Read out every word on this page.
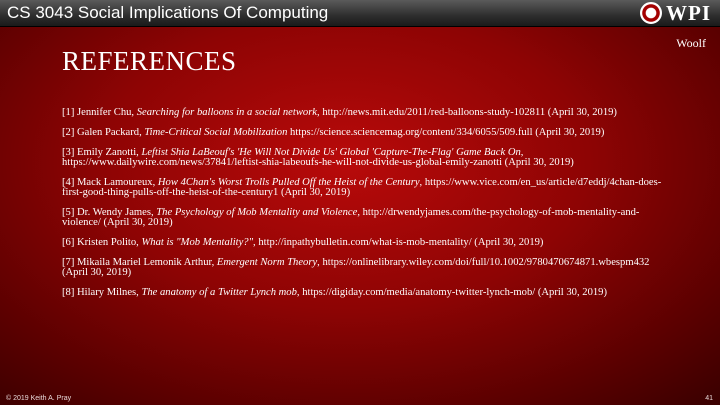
CS 3043 Social Implications Of Computing	WPI
Woolf
REFERENCES
[1] Jennifer Chu, Searching for balloons in a social network, http://news.mit.edu/2011/red-balloons-study-102811 (April 30, 2019)
[2] Galen Packard, Time-Critical Social Mobilization https://science.sciencemag.org/content/334/6055/509.full (April 30, 2019)
[3] Emily Zanotti, Leftist Shia LaBeouf's 'He Will Not Divide Us' Global 'Capture-The-Flag' Game Back On, https://www.dailywire.com/news/37841/leftist-shia-labeoufs-he-will-not-divide-us-global-emily-zanotti (April 30, 2019)
[4] Mack Lamoureux, How 4Chan's Worst Trolls Pulled Off the Heist of the Century, https://www.vice.com/en_us/article/d7eddj/4chan-does-first-good-thing-pulls-off-the-heist-of-the-century1 (April 30, 2019)
[5] Dr. Wendy James, The Psychology of Mob Mentality and Violence, http://drwendyjames.com/the-psychology-of-mob-mentality-and-violence/ (April 30, 2019)
[6] Kristen Polito, What is "Mob Mentality?", http://inpathybulletin.com/what-is-mob-mentality/ (April 30, 2019)
[7] Mikaila Mariel Lemonik Arthur, Emergent Norm Theory, https://onlinelibrary.wiley.com/doi/full/10.1002/9780470674871.wbespm432 (April 30, 2019)
[8] Hilary Milnes, The anatomy of a Twitter Lynch mob, https://digiday.com/media/anatomy-twitter-lynch-mob/ (April 30, 2019)
© 2019 Keith A. Pray	41
